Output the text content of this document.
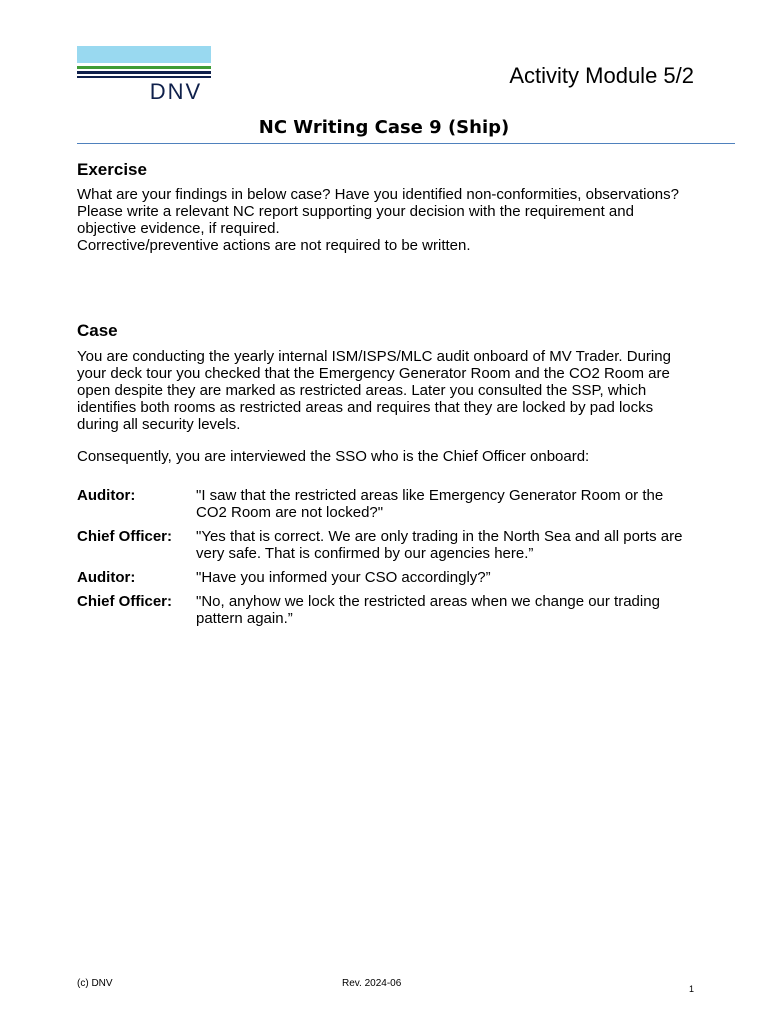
DNV
Activity Module 5/2
NC Writing Case 9 (Ship)
Exercise
What are your findings in below case? Have you identified non-conformities, observations?
Please write a relevant NC report supporting your decision with the requirement and objective evidence, if required.
Corrective/preventive actions are not required to be written.
Case
You are conducting the yearly internal ISM/ISPS/MLC audit onboard of MV Trader. During your deck tour you checked that the Emergency Generator Room and the CO2 Room are open despite they are marked as restricted areas. Later you consulted the SSP, which identifies both rooms as restricted areas and requires that they are locked by pad locks during all security levels.
Consequently, you are interviewed the SSO who is the Chief Officer onboard:
Auditor:	"I saw that the restricted areas like Emergency Generator Room or the CO2 Room are not locked?"
Chief Officer:	"Yes that is correct. We are only trading in the North Sea and all ports are very safe. That is confirmed by our agencies here.”
Auditor:	"Have you informed your CSO accordingly?”
Chief Officer:	"No, anyhow we lock the restricted areas when we change our trading pattern again.”
(c) DNV	Rev. 2024-06	1
